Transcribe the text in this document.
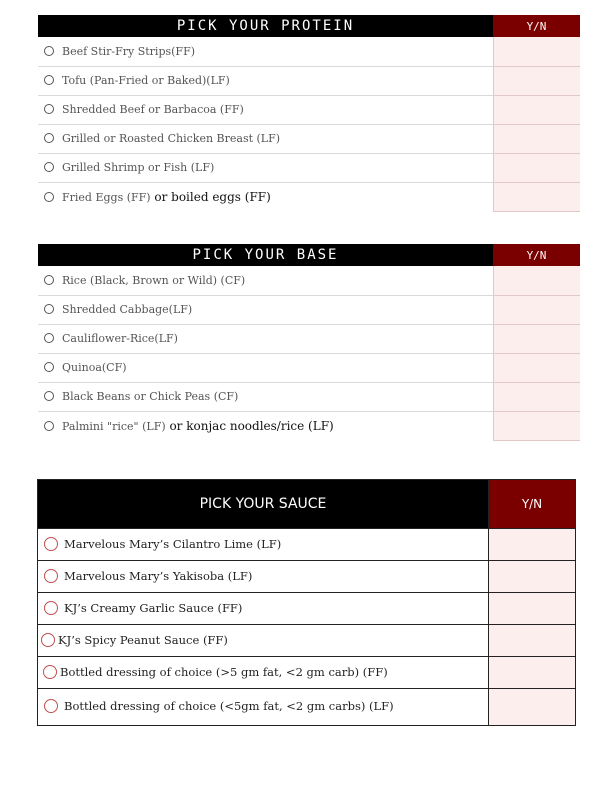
PICK YOUR PROTEIN	Y/N
Beef Stir-Fry Strips(FF)	
Tofu (Pan-Fried or Baked)(LF)	
Shredded Beef or Barbacoa (FF)	
Grilled or Roasted Chicken Breast (LF)	
Grilled Shrimp or Fish (LF)	
Fried Eggs (FF) or boiled eggs (FF)	
PICK YOUR BASE	Y/N
Rice (Black, Brown or Wild) (CF)	
Shredded Cabbage(LF)	
Cauliflower-Rice(LF)	
Quinoa(CF)	
Black Beans or Chick Peas (CF)	
Palmini "rice" (LF) or konjac noodles/rice (LF)	
PICK YOUR SAUCE	Y/N
Marvelous Mary’s Cilantro Lime (LF)	
Marvelous Mary’s Yakisoba (LF)	
KJ’s Creamy Garlic Sauce (FF)	
KJ’s Spicy Peanut Sauce (FF)	
Bottled dressing of choice (>5 gm fat, <2 gm carb) (FF)	
Bottled dressing of choice (<5gm fat, <2 gm carbs) (LF)	
